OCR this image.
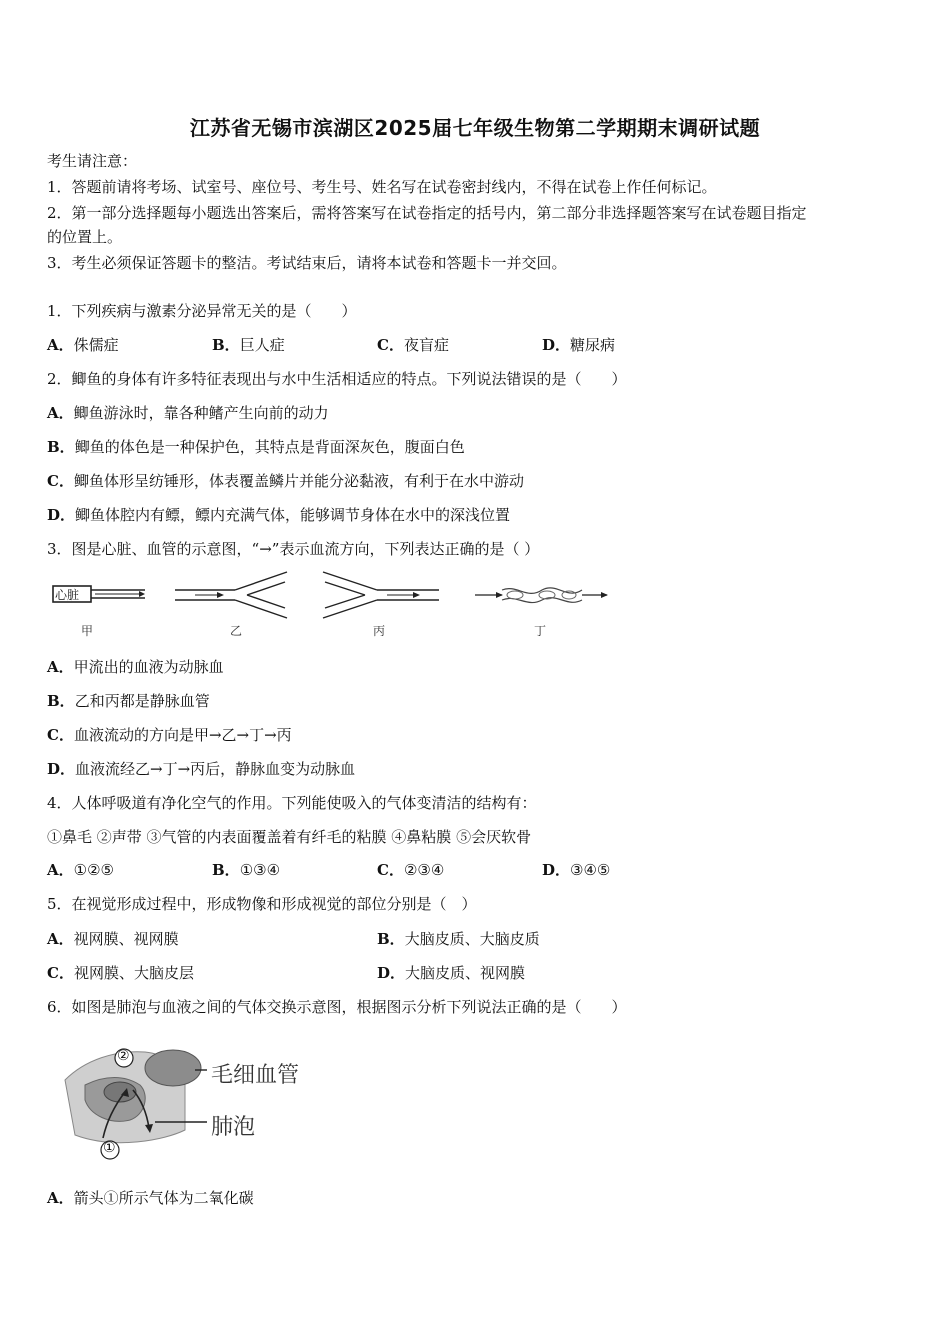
江苏省无锡市滨湖区2025届七年级生物第二学期期末调研试题
考生请注意：
1．答题前请将考场、试室号、座位号、考生号、姓名写在试卷密封线内，不得在试卷上作任何标记。
2．第一部分选择题每小题选出答案后，需将答案写在试卷指定的括号内，第二部分非选择题答案写在试卷题目指定
的位置上。
3．考生必须保证答题卡的整洁。考试结束后，请将本试卷和答题卡一并交回。
1．下列疾病与激素分泌异常无关的是（　　）
A．侏儒症	B．巨人症	C．夜盲症	D．糖尿病
2．鲫鱼的身体有许多特征表现出与水中生活相适应的特点。下列说法错误的是（　　）
A．鲫鱼游泳时，靠各种鳍产生向前的动力
B．鲫鱼的体色是一种保护色，其特点是背面深灰色，腹面白色
C．鲫鱼体形呈纺锤形，体表覆盖鳞片并能分泌黏液，有利于在水中游动
D．鲫鱼体腔内有鳔，鳔内充满气体，能够调节身体在水中的深浅位置
3．图是心脏、血管的示意图，“→”表示血流方向，下列表达正确的是（ ）
心脏
甲	乙	丙	丁
A．甲流出的血液为动脉血
B．乙和丙都是静脉血管
C．血液流动的方向是甲→乙→丁→丙
D．血液流经乙→丁→丙后，静脉血变为动脉血
4．人体呼吸道有净化空气的作用。下列能使吸入的气体变清洁的结构有：
①鼻毛 ②声带 ③气管的内表面覆盖着有纤毛的粘膜 ④鼻粘膜 ⑤会厌软骨
A．①②⑤	B．①③④	C．②③④	D．③④⑤
5．在视觉形成过程中，形成物像和形成视觉的部位分别是（　）
A．视网膜、视网膜	B．大脑皮质、大脑皮质
C．视网膜、大脑皮层	D．大脑皮质、视网膜
6．如图是肺泡与血液之间的气体交换示意图，根据图示分析下列说法正确的是（　　）
②
①
毛细血管
肺泡
A．箭头①所示气体为二氧化碳
